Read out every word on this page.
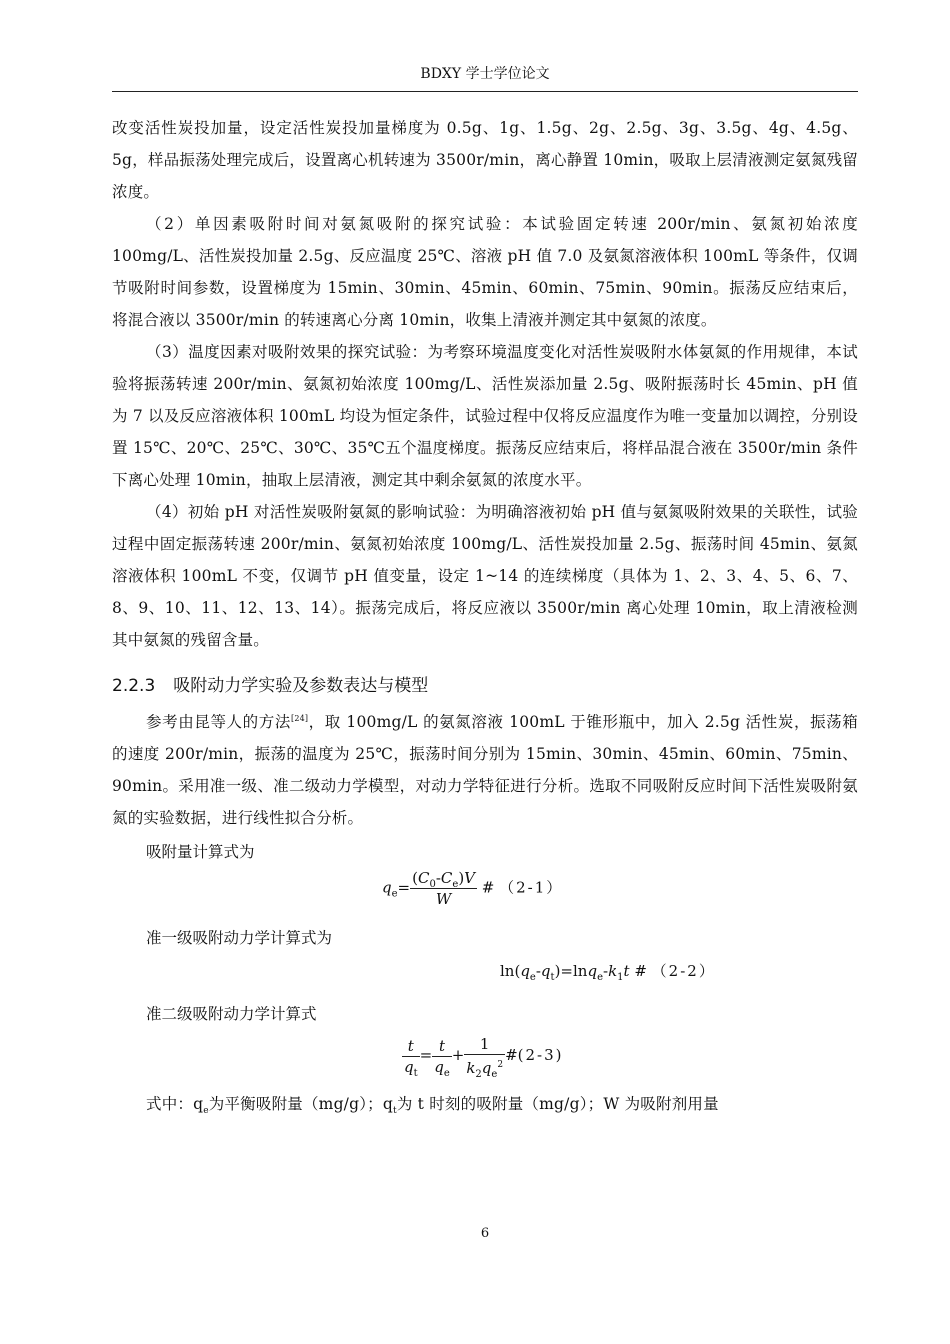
BDXY 学士学位论文

改变活性炭投加量，设定活性炭投加量梯度为 0.5g、1g、1.5g、2g、2.5g、3g、3.5g、4g、4.5g、5g，样品振荡处理完成后，设置离心机转速为 3500r/min，离心静置 10min，吸取上层清液测定氨氮残留浓度。

（2）单因素吸附时间对氨氮吸附的探究试验：本试验固定转速 200r/min、氨氮初始浓度 100mg/L、活性炭投加量 2.5g、反应温度 25℃、溶液 pH 值 7.0 及氨氮溶液体积 100mL 等条件，仅调节吸附时间参数，设置梯度为 15min、30min、45min、60min、75min、90min。振荡反应结束后，将混合液以 3500r/min 的转速离心分离 10min，收集上清液并测定其中氨氮的浓度。

（3）温度因素对吸附效果的探究试验：为考察环境温度变化对活性炭吸附水体氨氮的作用规律，本试验将振荡转速 200r/min、氨氮初始浓度 100mg/L、活性炭添加量 2.5g、吸附振荡时长 45min、pH 值为 7 以及反应溶液体积 100mL 均设为恒定条件，试验过程中仅将反应温度作为唯一变量加以调控，分别设置 15℃、20℃、25℃、30℃、35℃五个温度梯度。振荡反应结束后，将样品混合液在 3500r/min 条件下离心处理 10min，抽取上层清液，测定其中剩余氨氮的浓度水平。

（4）初始 pH 对活性炭吸附氨氮的影响试验：为明确溶液初始 pH 值与氨氮吸附效果的关联性，试验过程中固定振荡转速 200r/min、氨氮初始浓度 100mg/L、活性炭投加量 2.5g、振荡时间 45min、氨氮溶液体积 100mL 不变，仅调节 pH 值变量，设定 1~14 的连续梯度（具体为 1、2、3、4、5、6、7、8、9、10、11、12、13、14）。振荡完成后，将反应液以 3500r/min 离心处理 10min，取上清液检测其中氨氮的残留含量。

2.2.3 吸附动力学实验及参数表达与模型

参考由昆等人的方法[24]，取 100mg/L 的氨氮溶液 100mL 于锥形瓶中，加入 2.5g 活性炭，振荡箱的速度 200r/min，振荡的温度为 25℃，振荡时间分别为 15min、30min、45min、60min、75min、90min。采用准一级、准二级动力学模型，对动力学特征进行分析。选取不同吸附反应时间下活性炭吸附氨氮的实验数据，进行线性拟合分析。

吸附量计算式为
$q_e= \frac{(C_0-C_e)V}{W}$ # （2-1）
准一级吸附动力学计算式为
$\ln(q_e-q_t)=\ln q_e-k_1t$ # （2-2）
准二级吸附动力学计算式
$\frac{t}{q_t} = \frac{t}{q_e} + \frac{1}{k_2q_e^2}$ #(2-3)

式中：$q_e$为平衡吸附量（mg/g）；$q_t$为 t 时刻的吸附量（mg/g）；W 为吸附剂用量

6
